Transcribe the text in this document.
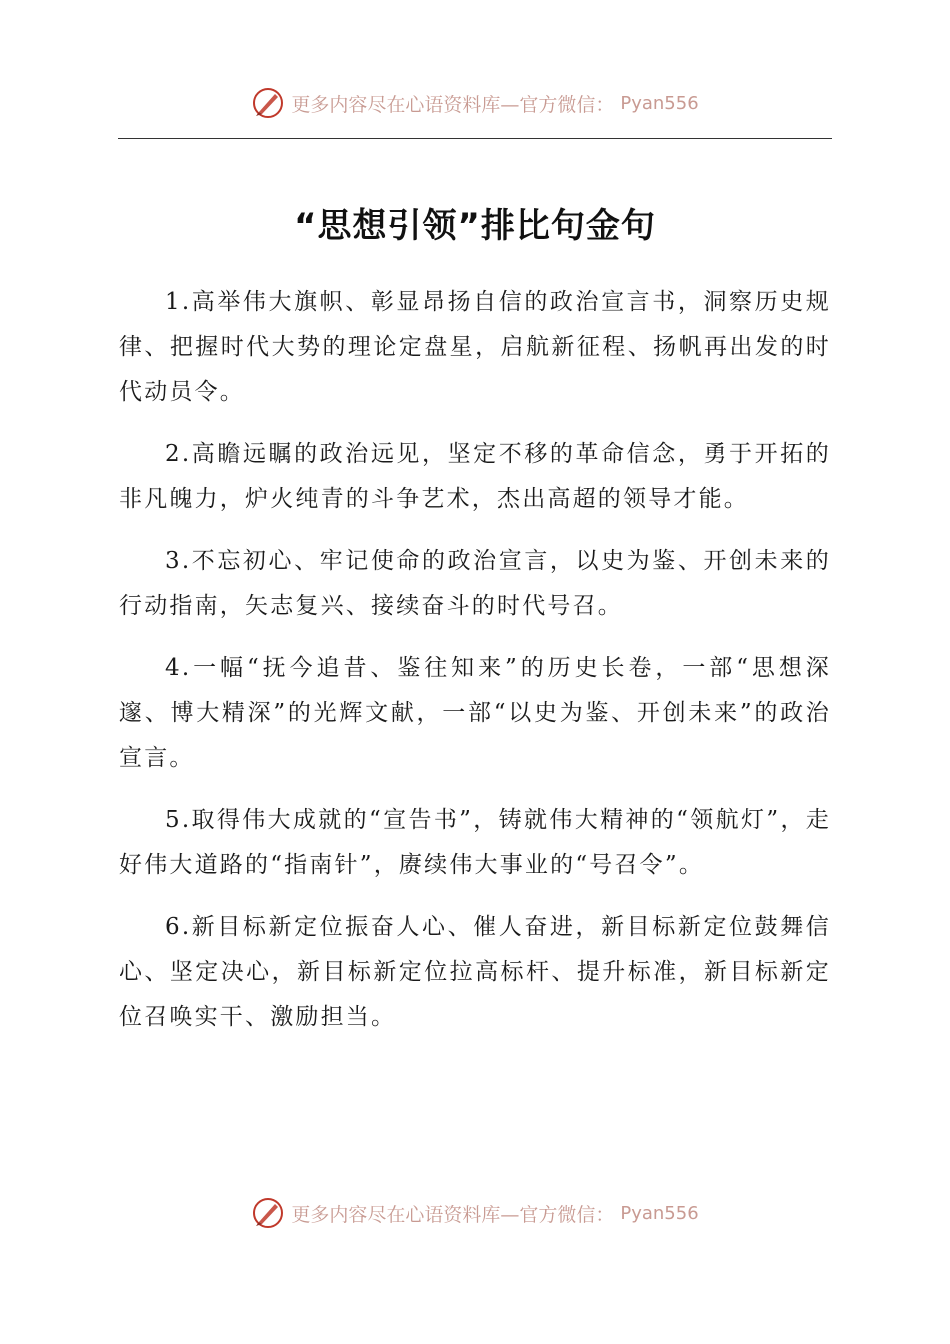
更多内容尽在心语资料库—官方微信： Pyan556
“思想引领”排比句金句

1.高举伟大旗帜、彰显昂扬自信的政治宣言书，洞察历史规律、把握时代大势的理论定盘星，启航新征程、扬帆再出发的时代动员令。

2.高瞻远瞩的政治远见，坚定不移的革命信念，勇于开拓的非凡魄力，炉火纯青的斗争艺术，杰出高超的领导才能。

3.不忘初心、牢记使命的政治宣言，以史为鉴、开创未来的行动指南，矢志复兴、接续奋斗的时代号召。

4.一幅“抚今追昔、鉴往知来”的历史长卷，一部“思想深邃、博大精深”的光辉文献，一部“以史为鉴、开创未来”的政治宣言。

5.取得伟大成就的“宣告书”，铸就伟大精神的“领航灯”，走好伟大道路的“指南针”，赓续伟大事业的“号召令”。

6.新目标新定位振奋人心、催人奋进，新目标新定位鼓舞信心、坚定决心，新目标新定位拉高标杆、提升标准，新目标新定位召唤实干、激励担当。

更多内容尽在心语资料库—官方微信： Pyan556
